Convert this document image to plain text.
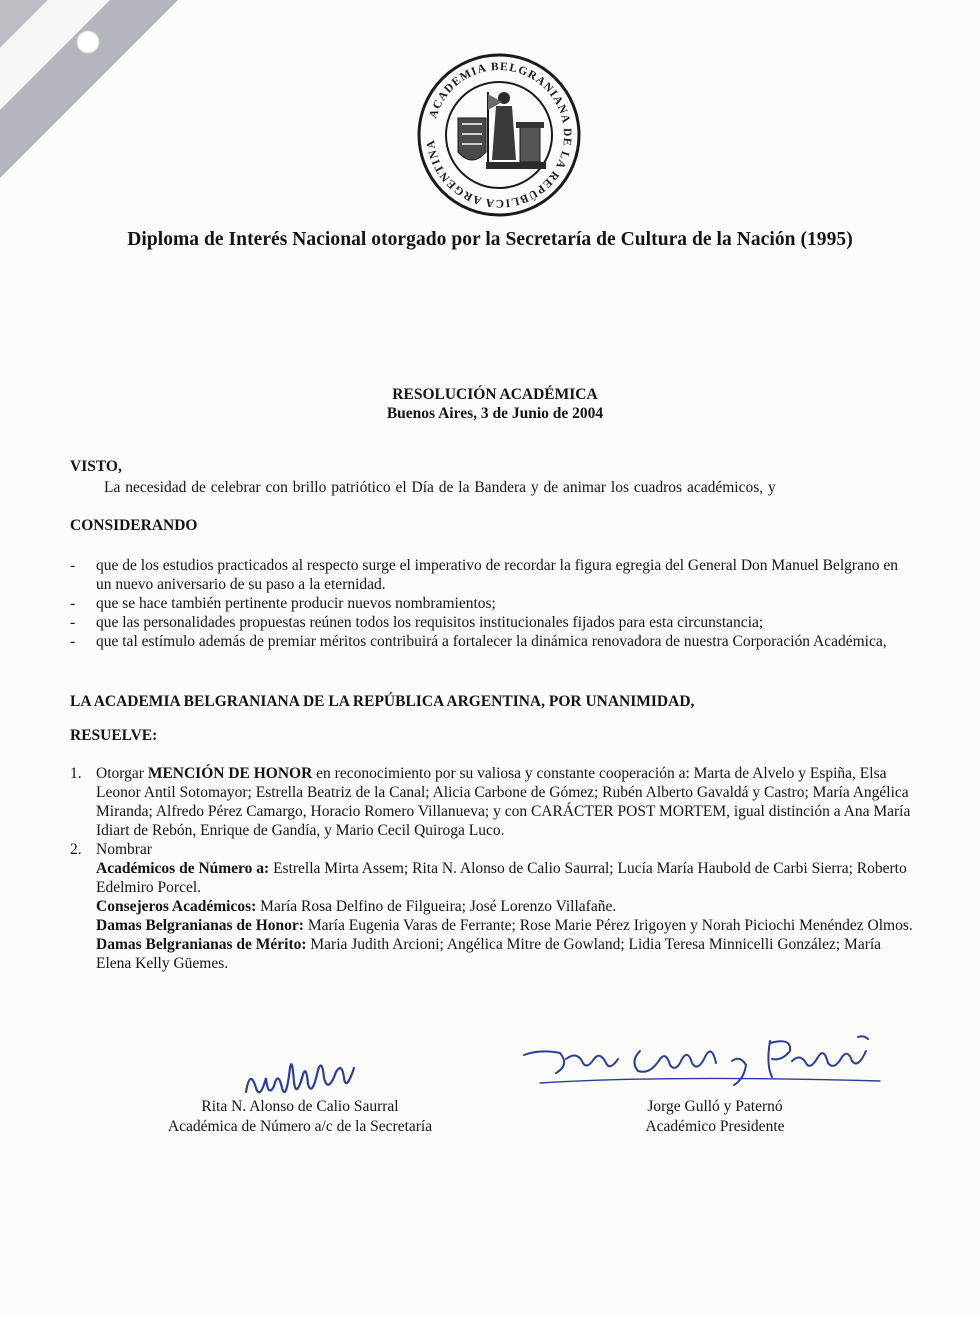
ACADEMIA BELGRANIANA DE LA REPÚBLICA ARGENTINA
Diploma de Interés Nacional otorgado por la Secretaría de Cultura de la Nación (1995)
RESOLUCIÓN ACADÉMICA
Buenos Aires, 3 de Junio de 2004
VISTO,
La necesidad de celebrar con brillo patriótico el Día de la Bandera y de animar los cuadros académicos, y
CONSIDERANDO
-	que de los estudios practicados al respecto surge el imperativo de recordar la figura egregia del General Don Manuel Belgrano en un nuevo aniversario de su paso a la eternidad.
-	que se hace también pertinente producir nuevos nombramientos;
-	que las personalidades propuestas reúnen todos los requisitos institucionales fijados para esta circunstancia;
-	que tal estímulo además de premiar méritos contribuirá a fortalecer la dinámica renovadora de nuestra Corporación Académica,
LA ACADEMIA BELGRANIANA DE LA REPÚBLICA ARGENTINA, POR UNANIMIDAD,
RESUELVE:
1. Otorgar MENCIÓN DE HONOR en reconocimiento por su valiosa y constante cooperación a: Marta de Alvelo y Espiña, Elsa Leonor Antil Sotomayor; Estrella Beatriz de la Canal; Alicia Carbone de Gómez; Rubén Alberto Gavaldá y Castro; María Angélica Miranda; Alfredo Pérez Camargo, Horacio Romero Villanueva; y con CARÁCTER POST MORTEM, igual distinción a Ana María Idiart de Rebón, Enrique de Gandía, y Mario Cecil Quiroga Luco.
2. Nombrar
Académicos de Número a: Estrella Mirta Assem; Rita N. Alonso de Calio Saurral; Lucía María Haubold de Carbi Sierra; Roberto Edelmiro Porcel.
Consejeros Académicos: María Rosa Delfino de Filgueira; José Lorenzo Villafañe.
Damas Belgranianas de Honor: María Eugenia Varas de Ferrante; Rose Marie Pérez Irigoyen y Norah Piciochi Menéndez Olmos.
Damas Belgranianas de Mérito: Maria Judith Arcioni; Angélica Mitre de Gowland; Lidia Teresa Minnicelli González; María Elena Kelly Güemes.
Rita N. Alonso de Calio Saurral
Académica de Número a/c de la Secretaría
Jorge Gulló y Paternó
Académico Presidente
